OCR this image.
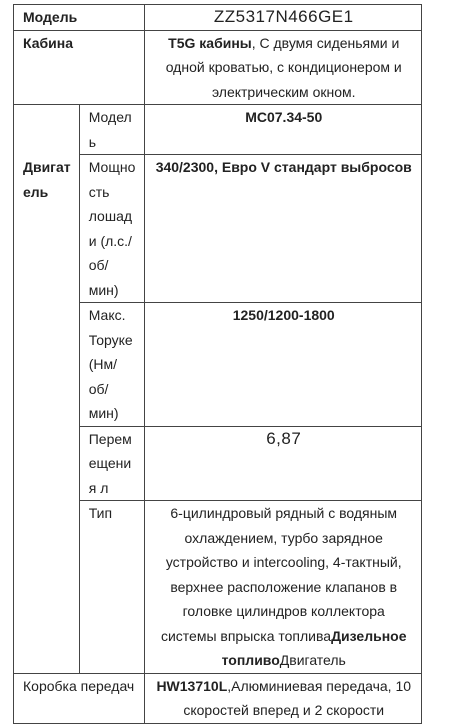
Модель		ZZ5317N466GE1
Кабина		T5G кабины, С двумя сиденьями и одной кроватью, с кондиционером и электрическим окном.

Двигатель	Модель	MC07.34-50
	Мощность лошади (л.с./об/мин)	340/2300, Евро V стандарт выбросов
	Макс. Торуке (Нм/об/мин)	1250/1200-1800
	Перемещения л	6,87
	Тип	6-цилиндровый рядный с водяным охлаждением, турбо зарядное устройство и intercooling, 4-тактный, верхнее расположение клапанов в головке цилиндров коллектора системы впрыска топливаДизельное топливоДвигатель
Коробка передач		HW13710L,Алюминиевая передача, 10 скоростей вперед и 2 скорости
